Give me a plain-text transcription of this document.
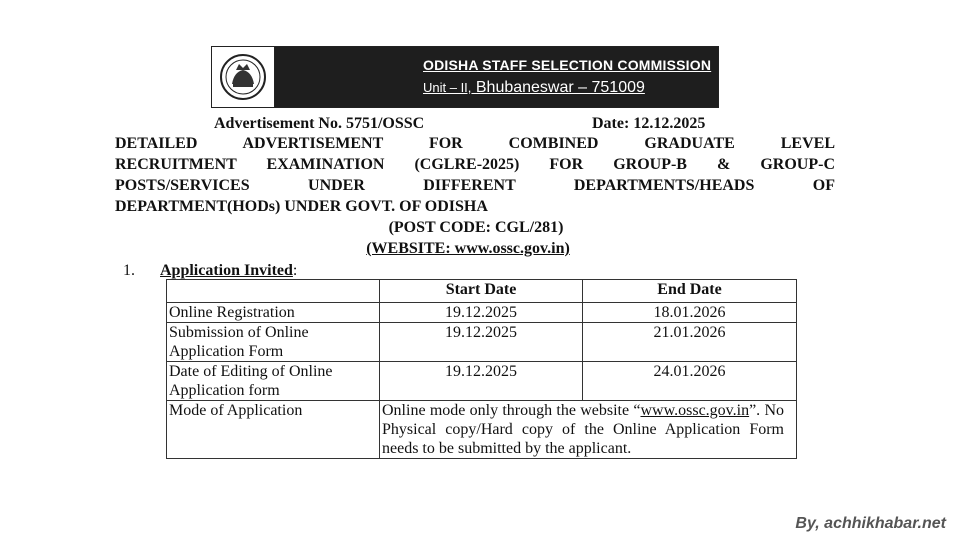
ODISHA STAFF SELECTION COMMISSION
Unit – II, Bhubaneswar – 751009
Advertisement No. 5751/OSSC	Date: 12.12.2025
DETAILED ADVERTISEMENT FOR COMBINED GRADUATE LEVEL
RECRUITMENT EXAMINATION (CGLRE-2025) FOR GROUP-B & GROUP-C
POSTS/SERVICES UNDER DIFFERENT DEPARTMENTS/HEADS OF
DEPARTMENT(HODs) UNDER GOVT. OF ODISHA
(POST CODE: CGL/281)
(WEBSITE: www.ossc.gov.in)
1. Application Invited:
	Start Date	End Date
Online Registration	19.12.2025	18.01.2026
Submission of Online Application Form	19.12.2025	21.01.2026
Date of Editing of Online Application form	19.12.2025	24.01.2026
Mode of Application	Online mode only through the website “www.ossc.gov.in”. No Physical copy/Hard copy of the Online Application Form needs to be submitted by the applicant.	
By, achhikhabar.net
